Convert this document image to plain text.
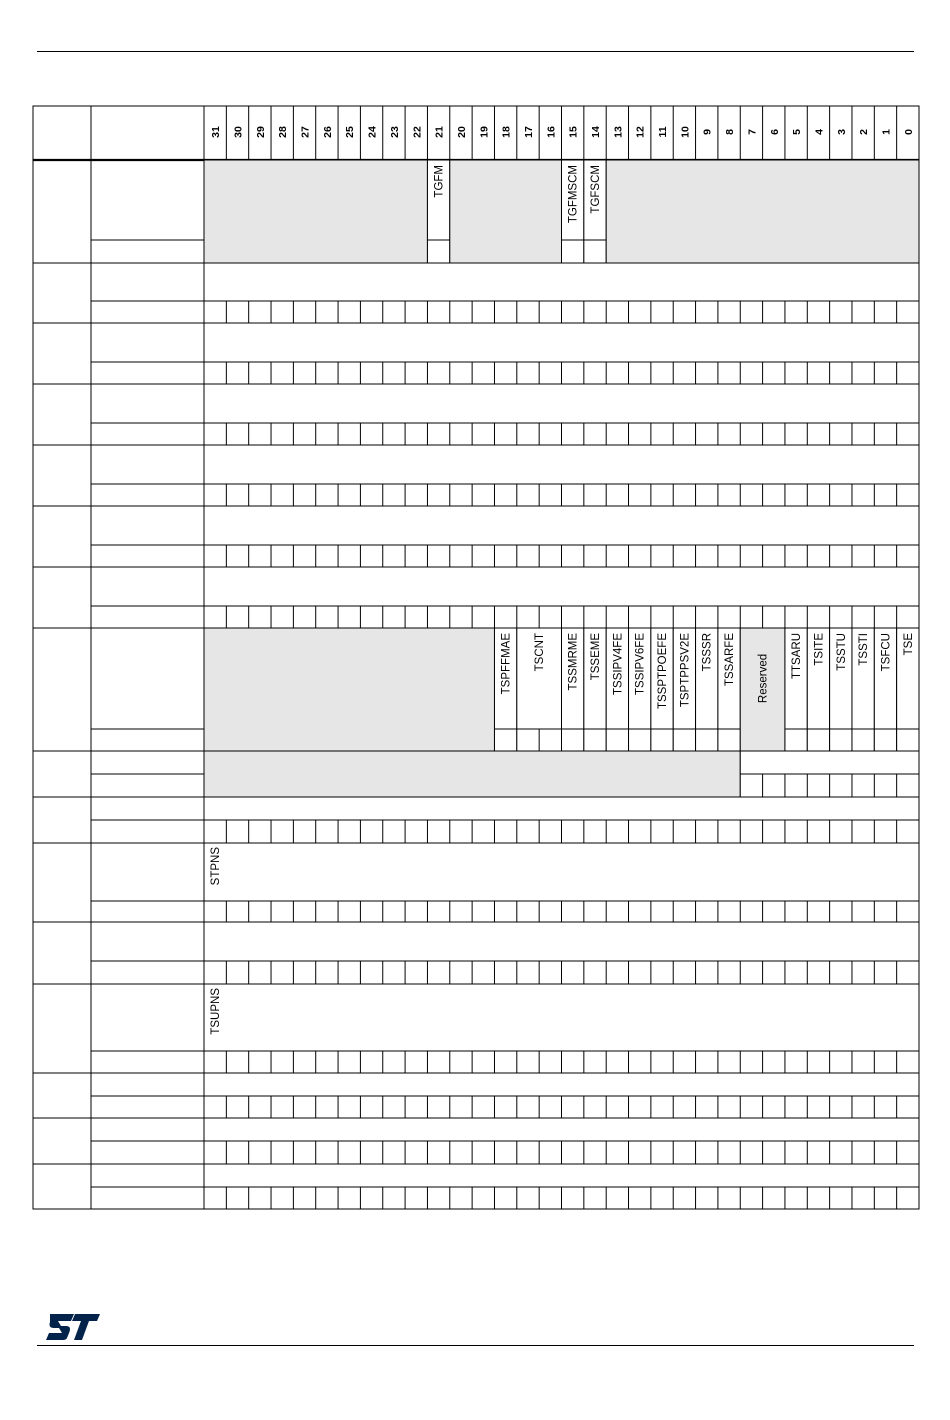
31 30 29 28 27 26 25 24 23 22 21 20 19 18 17 16 15 14 13 12 11 10 9 8 7 6 5 4 3 2 1 0
TGFM	TGFMSCM TGFSCM
TSPFFMAE TSCNT TSSMRME TSSEME TSSIPV4FE TSSIPV6FE TSSPTPOEFE TSPTPPSV2E TSSSR TSSARFE Reserved TTSARU TSITE TSSTU TSSTI TSFCU TSE
STPNS
TSUPNS
